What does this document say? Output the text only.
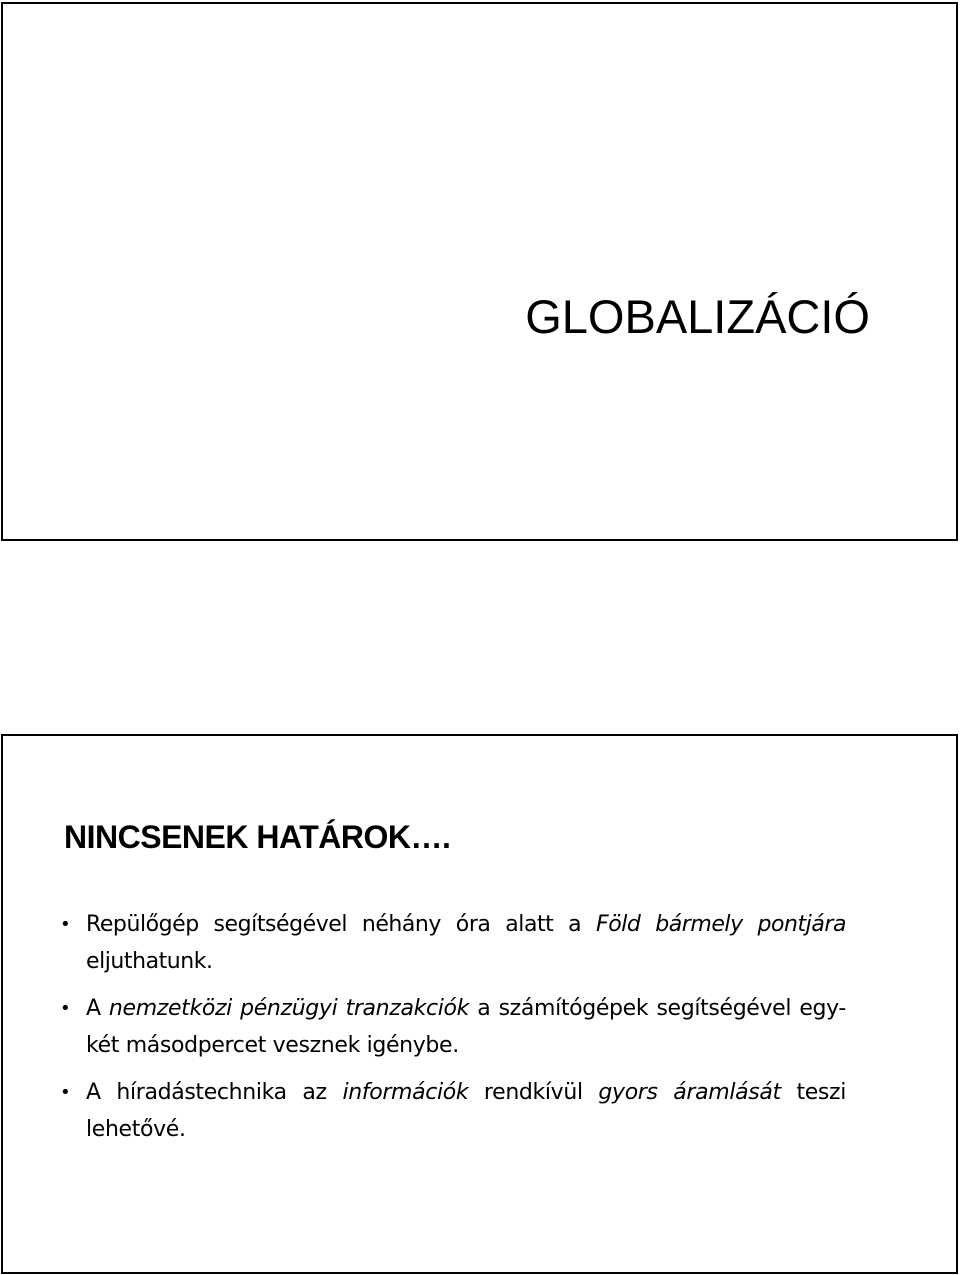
GLOBALIZÁCIÓ
NINCSENEK HATÁROK….
• Repülőgép segítségével néhány óra alatt a Föld bármely pontjára eljuthatunk.
• A nemzetközi pénzügyi tranzakciók a számítógépek segítségével egy-két másodpercet vesznek igénybe.
• A híradástechnika az információk rendkívül gyors áramlását teszi lehetővé.
